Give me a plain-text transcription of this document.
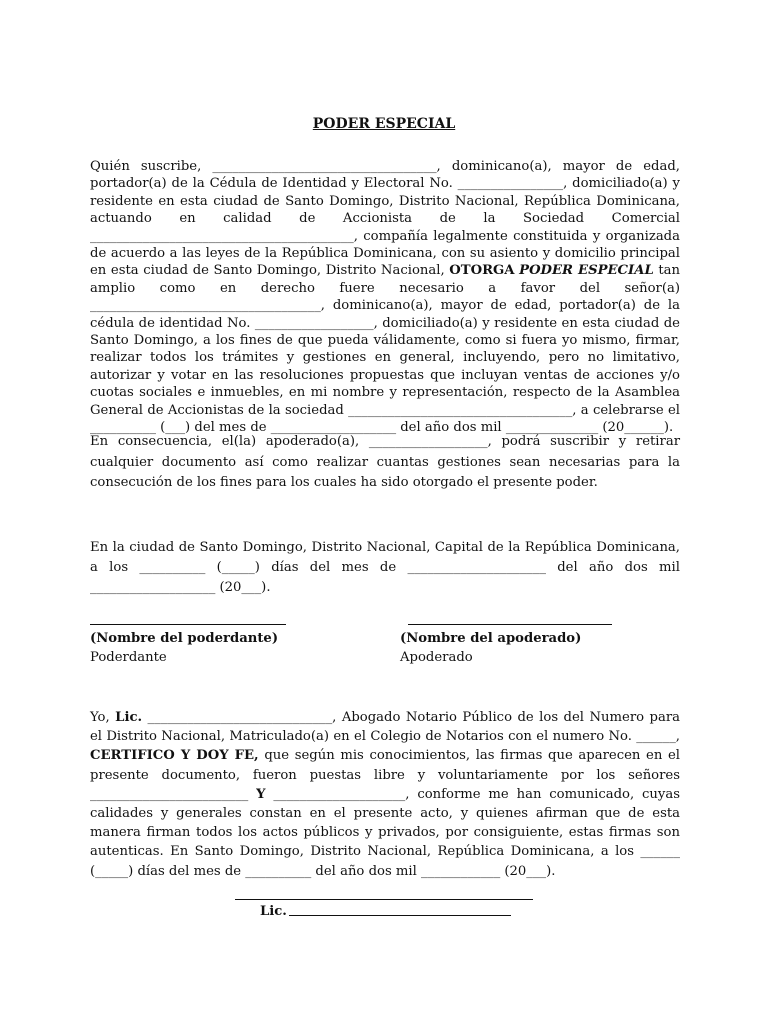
PODER ESPECIAL
Quién suscribe, __________________________________, dominicano(a), mayor de edad, portador(a) de la Cédula de Identidad y Electoral No. ________________, domiciliado(a) y residente en esta ciudad de Santo Domingo, Distrito Nacional, República Dominicana, actuando en calidad de Accionista de la Sociedad Comercial ________________________________________, compañía legalmente constituida y organizada de acuerdo a las leyes de la República Dominicana, con su asiento y domicilio principal en esta ciudad de Santo Domingo, Distrito Nacional, OTORGA PODER ESPECIAL tan amplio como en derecho fuere necesario a favor del señor(a) ___________________________________, dominicano(a), mayor de edad, portador(a) de la cédula de identidad No. __________________, domiciliado(a) y residente en esta ciudad de Santo Domingo, a los fines de que pueda válidamente, como si fuera yo mismo, firmar, realizar todos los trámites y gestiones en general, incluyendo, pero no limitativo, autorizar y votar en las resoluciones propuestas que incluyan ventas de acciones y/o cuotas sociales e inmuebles, en mi nombre y representación, respecto de la Asamblea General de Accionistas de la sociedad __________________________________, a celebrarse el __________ (___) del mes de ___________________ del año dos mil ______________ (20______).
En consecuencia, el(la) apoderado(a), __________________, podrá suscribir y retirar cualquier documento así como realizar cuantas gestiones sean necesarias para la consecución de los fines para los cuales ha sido otorgado el presente poder.
En la ciudad de Santo Domingo, Distrito Nacional, Capital de la República Dominicana, a los __________ (_____) días del mes de _____________________ del año dos mil ___________________ (20___).
(Nombre del poderdante)
Poderdante
(Nombre del apoderado)
Apoderado
Yo, Lic. ____________________________, Abogado Notario Público de los del Numero para el Distrito Nacional, Matriculado(a) en el Colegio de Notarios con el numero No. ______, CERTIFICO Y DOY FE, que según mis conocimientos, las firmas que aparecen en el presente documento, fueron puestas libre y voluntariamente por los señores ________________________ Y ____________________, conforme me han comunicado, cuyas calidades y generales constan en el presente acto, y quienes afirman que de esta manera firman todos los actos públicos y privados, por consiguiente, estas firmas son autenticas. En Santo Domingo, Distrito Nacional, República Dominicana, a los ______ (_____) días del mes de __________ del año dos mil ____________ (20___).
Lic.
